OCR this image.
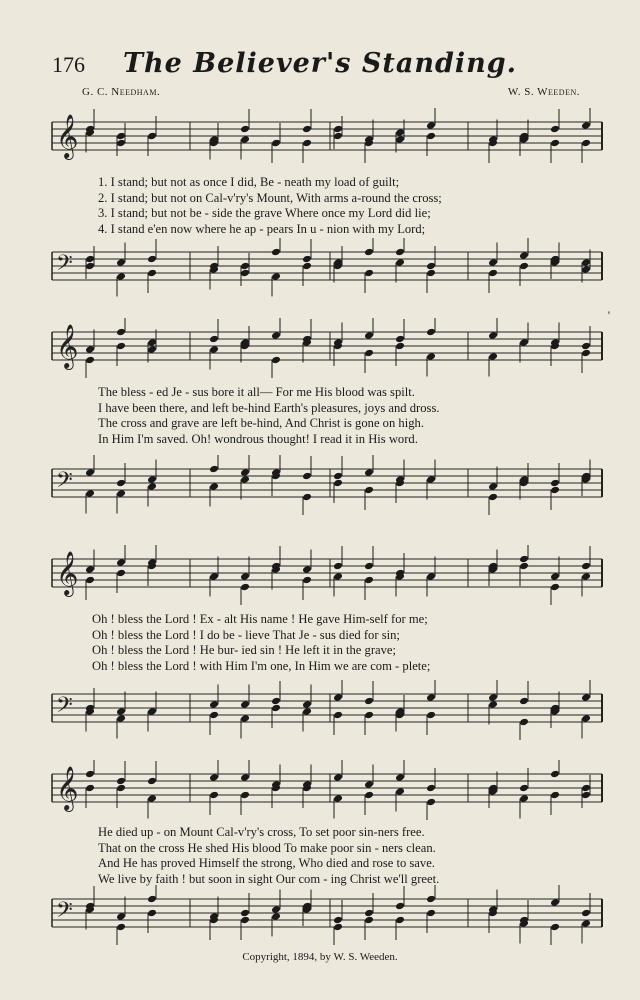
176	The Believer's Standing.
G. C. Needham.	W. S. Weeden.
'
𝄞
1. I stand; but not as once I did, Be - neath my load of guilt;
2. I stand; but not on Cal-v'ry's Mount, With arms a-round the cross;
3. I stand; but not be - side the grave Where once my Lord did lie;
4. I stand e'en now where he ap - pears In u - nion with my Lord;
𝄢
𝄞
The bless - ed Je - sus bore it all— For me His blood was spilt.
I have been there, and left be-hind Earth's pleasures, joys and dross.
The cross and grave are left be-hind, And Christ is gone on high.
In Him I'm saved. Oh! wondrous thought! I read it in His word.
𝄢
𝄞
Oh ! bless the Lord ! Ex - alt His name ! He gave Him-self for me;
Oh ! bless the Lord ! I do be - lieve That Je - sus died for sin;
Oh ! bless the Lord ! He bur- ied sin ! He left it in the grave;
Oh ! bless the Lord ! with Him I'm one, In Him we are com - plete;
𝄢
𝄞
He died up - on Mount Cal-v'ry's cross, To set poor sin-ners free.
That on the cross He shed His blood To make poor sin - ners clean.
And He has proved Himself the strong, Who died and rose to save.
We live by faith ! but soon in sight Our com - ing Christ we'll greet.
𝄢
Copyright, 1894, by W. S. Weeden.
